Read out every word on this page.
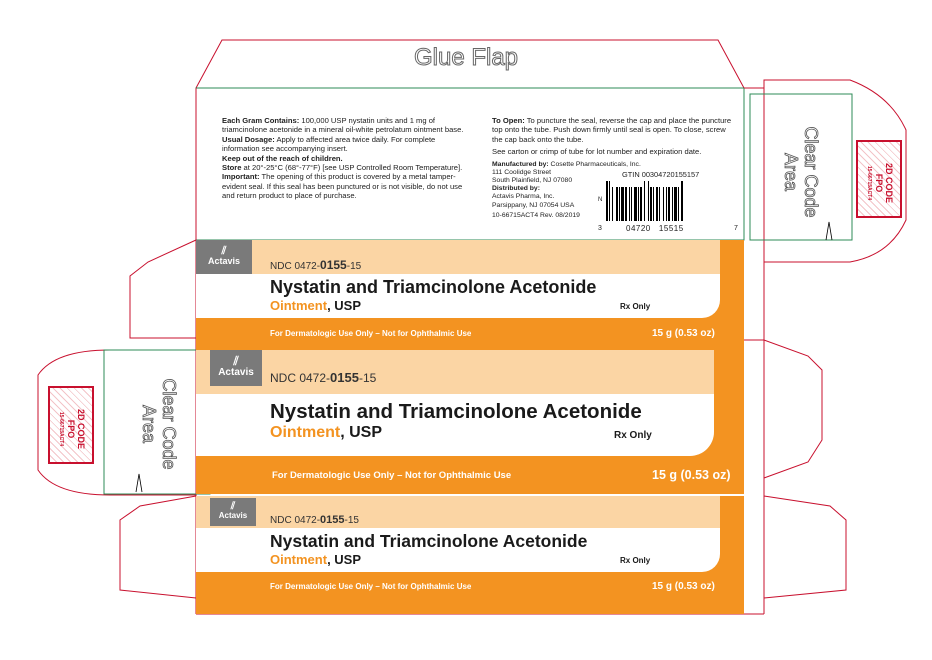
Glue Flap
Each Gram Contains: 100,000 USP nystatin units and 1 mg of triamcinolone acetonide in a mineral oil-white petrolatum ointment base.
Usual Dosage: Apply to affected area twice daily. For complete information see accompanying insert.
Keep out of the reach of children.
Store at 20°-25°C (68°-77°F) [see USP Controlled Room Temperature].
Important: The opening of this product is covered by a metal tamper-evident seal. If this seal has been punctured or is not visible, do not use and return product to place of purchase.
To Open: To puncture the seal, reverse the cap and place the puncture top onto the tube. Push down firmly until seal is open. To close, screw the cap back onto the tube.
See carton or crimp of tube for lot number and expiration date.
Manufactured by: Cosette Pharmaceuticals, Inc.
111 Coolidge Street
South Plainfield, NJ 07080
Distributed by:
Actavis Pharma, Inc.
Parsippany, NJ 07054 USA
10-66715ACT4 Rev. 08/2019
GTIN 00304720155157
N
3	04720   15515	7
Clear Code
Area	2D CODE
FPO
15-66715ACT4
Clear Code
Area
2D CODE
FPO
15-66715ACT4
⫽
Actavis	NDC 0472-0155-15
Nystatin and Triamcinolone Acetonide
Ointment, USP	Rx Only
For Dermatologic Use Only – Not for Ophthalmic Use	15 g (0.53 oz)
⫽
Actavis	NDC 0472-0155-15
Nystatin and Triamcinolone Acetonide
Ointment, USP	Rx Only
For Dermatologic Use Only – Not for Ophthalmic Use	15 g (0.53 oz)
⫽
Actavis	NDC 0472-0155-15
Nystatin and Triamcinolone Acetonide
Ointment, USP	Rx Only
For Dermatologic Use Only – Not for Ophthalmic Use	15 g (0.53 oz)
